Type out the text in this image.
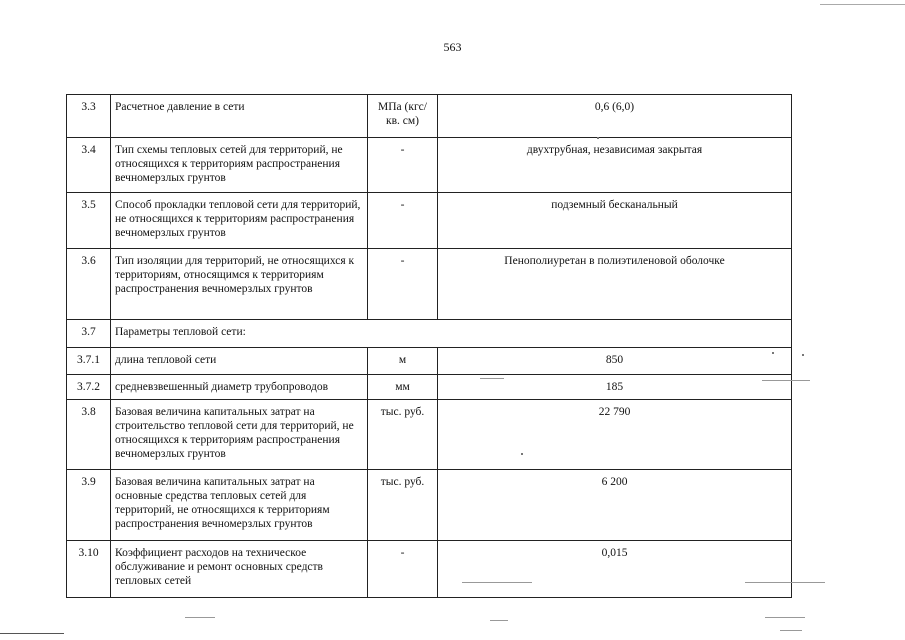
563
3.3	Расчетное давление в сети	МПа (кгс/кв. см)	0,6 (6,0)
3.4	Тип схемы тепловых сетей для территорий, не относящихся к территориям распространения вечномерзлых грунтов	-	двухтрубная, независимая закрытая
3.5	Способ прокладки тепловой сети для территорий, не относящихся к территориям распространения вечномерзлых грунтов	-	подземный бесканальный
3.6	Тип изоляции для территорий, не относящихся к территориям, относящимся к территориям распространения вечномерзлых грунтов	-	Пенополиуретан в полиэтиленовой оболочке
3.7	Параметры тепловой сети:		
3.7.1	длина тепловой сети	м	850
3.7.2	средневзвешенный диаметр трубопроводов	мм	185
3.8	Базовая величина капитальных затрат на строительство тепловой сети для территорий, не относящихся к территориям распространения вечномерзлых грунтов	тыс. руб.	22 790
3.9	Базовая величина капитальных затрат на основные средства тепловых сетей для территорий, не относящихся к территориям распространения вечномерзлых грунтов	тыс. руб.	6 200
3.10	Коэффициент расходов на техническое обслуживание и ремонт основных средств тепловых сетей	-	0,015
